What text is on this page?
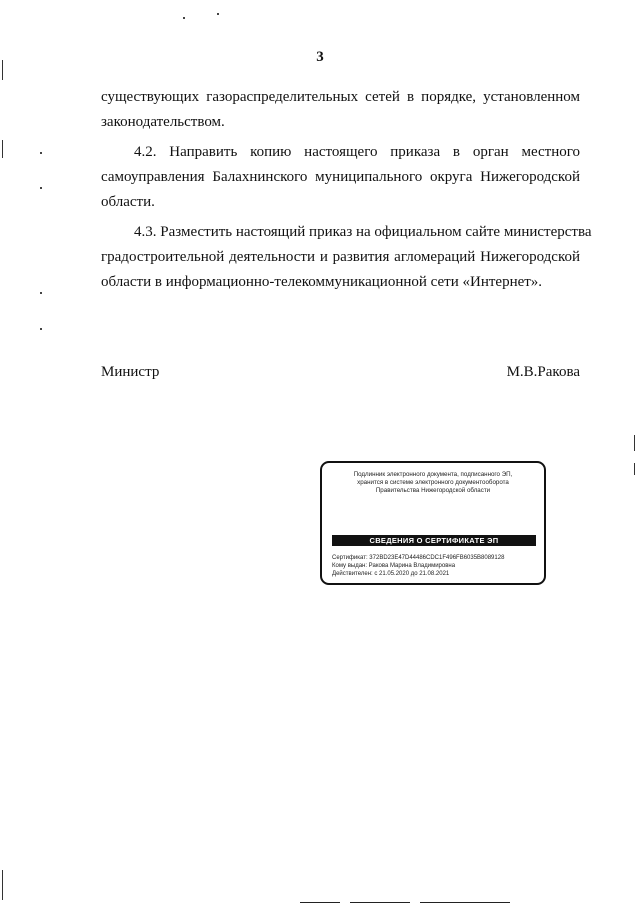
3
существующих газораспределительных сетей в порядке, установленном
законодательством.
4.2. Направить копию настоящего приказа в орган местного
самоуправления Балахнинского муниципального округа Нижегородской
области.
4.3. Разместить настоящий приказ на официальном сайте министерства
градостроительной деятельности и развития агломераций Нижегородской
области в информационно-телекоммуникационной сети «Интернет».
Министр	М.В.Ракова
Подлинник электронного документа, подписанного ЭП,
хранится в системе электронного документооборота
Правительства Нижегородской области
СВЕДЕНИЯ О СЕРТИФИКАТЕ ЭП
Сертификат: 372BD23E47D44486CDC1F496FB6035B8089128
Кому выдан: Ракова Марина Владимировна
Действителен: с 21.05.2020 до 21.08.2021
